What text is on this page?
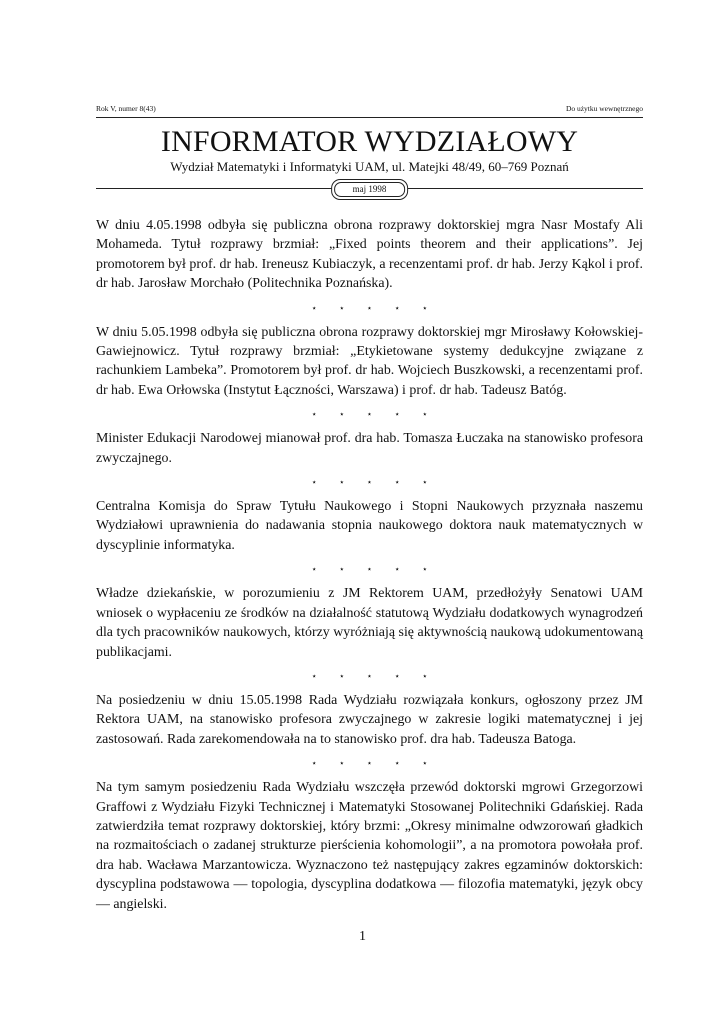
Rok V, numer 8(43)	Do użytku wewnętrznego
INFORMATOR WYDZIAŁOWY
Wydział Matematyki i Informatyki UAM, ul. Matejki 48/49, 60–769 Poznań
maj 1998

W dniu 4.05.1998 odbyła się publiczna obrona rozprawy doktorskiej mgra Nasr Mostafy Ali Mohameda. Tytuł rozprawy brzmiał: „Fixed points theorem and their applications”. Jej promotorem był prof. dr hab. Ireneusz Kubiaczyk, a recenzentami prof. dr hab. Jerzy Kąkol i prof. dr hab. Jarosław Morchało (Politechnika Poznańska).

⋆ ⋆ ⋆ ⋆ ⋆

W dniu 5.05.1998 odbyła się publiczna obrona rozprawy doktorskiej mgr Mirosławy Kołowskiej-Gawiejnowicz. Tytuł rozprawy brzmiał: „Etykietowane systemy dedukcyjne związane z rachunkiem Lambeka”. Promotorem był prof. dr hab. Wojciech Buszkowski, a recenzentami prof. dr hab. Ewa Orłowska (Instytut Łączności, Warszawa) i prof. dr hab. Tadeusz Batóg.

⋆ ⋆ ⋆ ⋆ ⋆

Minister Edukacji Narodowej mianował prof. dra hab. Tomasza Łuczaka na stanowisko profesora zwyczajnego.

⋆ ⋆ ⋆ ⋆ ⋆

Centralna Komisja do Spraw Tytułu Naukowego i Stopni Naukowych przyznała naszemu Wydziałowi uprawnienia do nadawania stopnia naukowego doktora nauk matematycznych w dyscyplinie informatyka.

⋆ ⋆ ⋆ ⋆ ⋆

Władze dziekańskie, w porozumieniu z JM Rektorem UAM, przedłożyły Senatowi UAM wniosek o wypłaceniu ze środków na działalność statutową Wydziału dodatkowych wynagrodzeń dla tych pracowników naukowych, którzy wyróżniają się aktywnością naukową udokumentowaną publikacjami.

⋆ ⋆ ⋆ ⋆ ⋆

Na posiedzeniu w dniu 15.05.1998 Rada Wydziału rozwiązała konkurs, ogłoszony przez JM Rektora UAM, na stanowisko profesora zwyczajnego w zakresie logiki matematycznej i jej zastosowań. Rada zarekomendowała na to stanowisko prof. dra hab. Tadeusza Batoga.

⋆ ⋆ ⋆ ⋆ ⋆

Na tym samym posiedzeniu Rada Wydziału wszczęła przewód doktorski mgrowi Grzegorzowi Graffowi z Wydziału Fizyki Technicznej i Matematyki Stosowanej Politechniki Gdańskiej. Rada zatwierdziła temat rozprawy doktorskiej, który brzmi: „Okresy minimalne odwzorowań gładkich na rozmaitościach o zadanej strukturze pierścienia kohomologii”, a na promotora powołała prof. dra hab. Wacława Marzantowicza. Wyznaczono też następujący zakres egzaminów doktorskich: dyscyplina podstawowa — topologia, dyscyplina dodatkowa — filozofia matematyki, język obcy — angielski.

1
